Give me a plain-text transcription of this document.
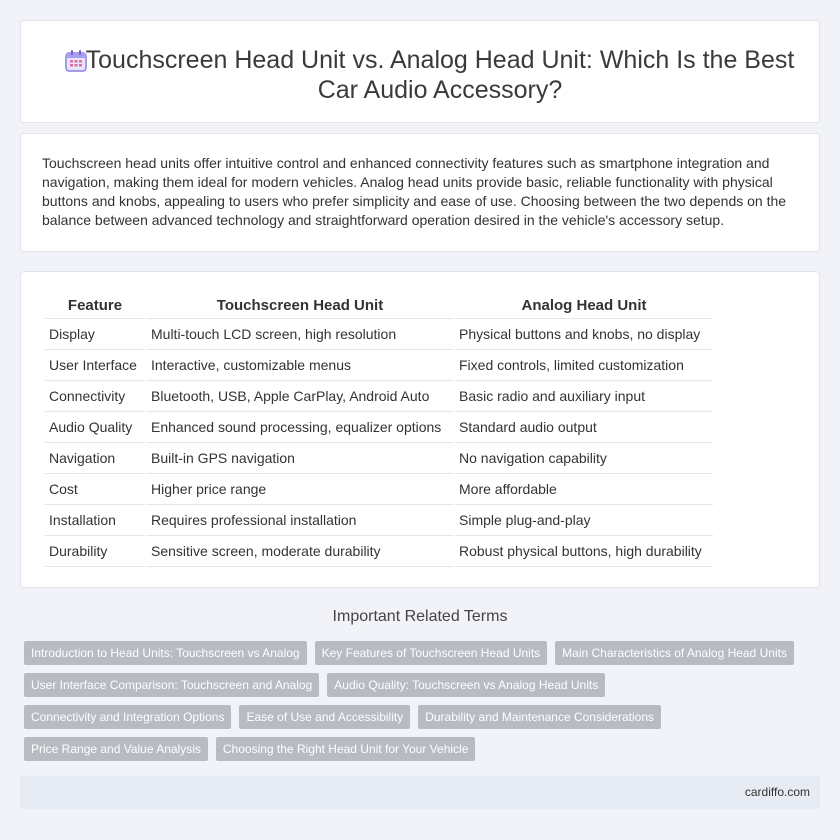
Touchscreen Head Unit vs. Analog Head Unit: Which Is the Best Car Audio Accessory?

Touchscreen head units offer intuitive control and enhanced connectivity features such as smartphone integration and navigation, making them ideal for modern vehicles. Analog head units provide basic, reliable functionality with physical buttons and knobs, appealing to users who prefer simplicity and ease of use. Choosing between the two depends on the balance between advanced technology and straightforward operation desired in the vehicle's accessory setup.

Feature	Touchscreen Head Unit	Analog Head Unit
Display	Multi-touch LCD screen, high resolution	Physical buttons and knobs, no display
User Interface	Interactive, customizable menus	Fixed controls, limited customization
Connectivity	Bluetooth, USB, Apple CarPlay, Android Auto	Basic radio and auxiliary input
Audio Quality	Enhanced sound processing, equalizer options	Standard audio output
Navigation	Built-in GPS navigation	No navigation capability
Cost	Higher price range	More affordable
Installation	Requires professional installation	Simple plug-and-play
Durability	Sensitive screen, moderate durability	Robust physical buttons, high durability
Important Related Terms
Introduction to Head Units: Touchscreen vs Analog	Key Features of Touchscreen Head Units	Main Characteristics of Analog Head Units
User Interface Comparison: Touchscreen and Analog	Audio Quality: Touchscreen vs Analog Head Units
Connectivity and Integration Options	Ease of Use and Accessibility	Durability and Maintenance Considerations
Price Range and Value Analysis	Choosing the Right Head Unit for Your Vehicle
cardiffo.com
